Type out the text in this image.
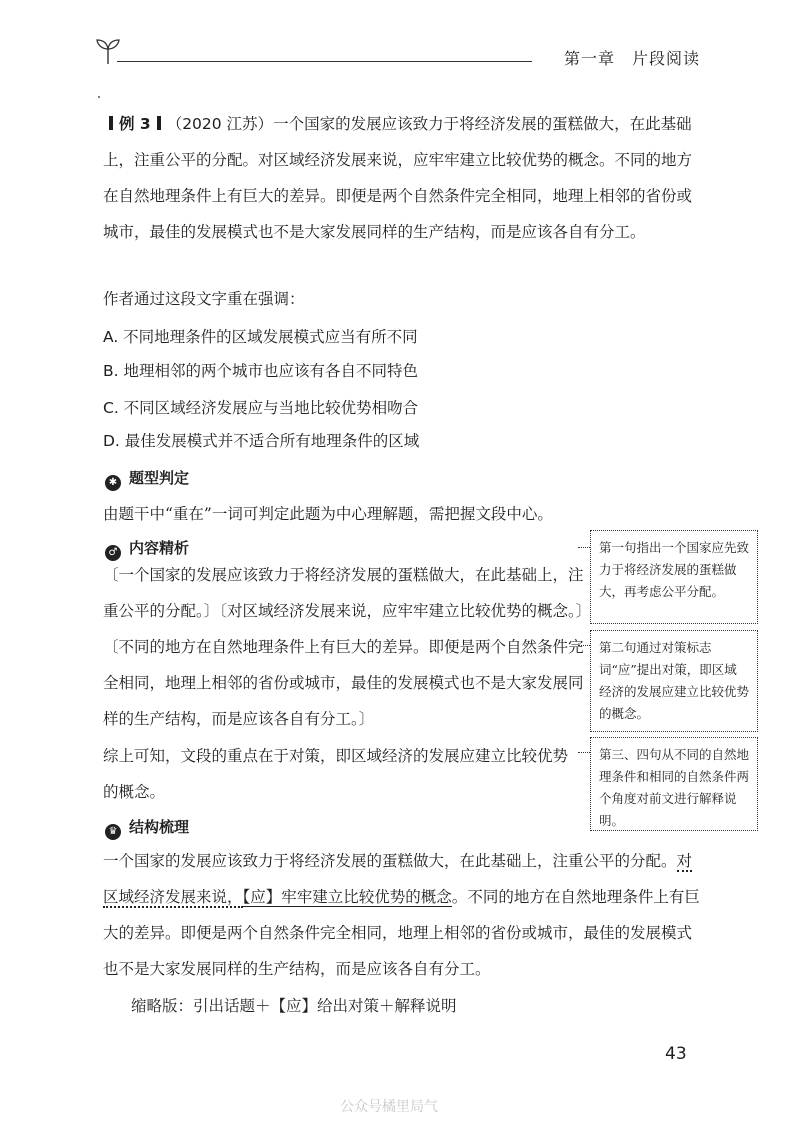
第一章　片段阅读
例 3 （2020 江苏）一个国家的发展应该致力于将经济发展的蛋糕做大，在此基础上，注重公平的分配。对区域经济发展来说，应牢牢建立比较优势的概念。不同的地方在自然地理条件上有巨大的差异。即便是两个自然条件完全相同，地理上相邻的省份或城市，最佳的发展模式也不是大家发展同样的生产结构，而是应该各自有分工。
作者通过这段文字重在强调：
A. 不同地理条件的区域发展模式应当有所不同
B. 地理相邻的两个城市也应该有各自不同特色
C. 不同区域经济发展应与当地比较优势相吻合
D. 最佳发展模式并不适合所有地理条件的区域
✱ 题型判定
由题干中“重在”一词可判定此题为中心理解题，需把握文段中心。
♂ 内容精析
〔一个国家的发展应该致力于将经济发展的蛋糕做大，在此基础上，注重公平的分配。〕〔对区域经济发展来说，应牢牢建立比较优势的概念。〕〔不同的地方在自然地理条件上有巨大的差异。即便是两个自然条件完全相同，地理上相邻的省份或城市，最佳的发展模式也不是大家发展同样的生产结构，而是应该各自有分工。〕
综上可知，文段的重点在于对策，即区域经济的发展应建立比较优势的概念。
第一句指出一个国家应先致力于将经济发展的蛋糕做大，再考虑公平分配。
第二句通过对策标志词“应”提出对策，即区域经济的发展应建立比较优势的概念。
第三、四句从不同的自然地理条件和相同的自然条件两个角度对前文进行解释说明。
♛ 结构梳理
一个国家的发展应该致力于将经济发展的蛋糕做大，在此基础上，注重公平的分配。对区域经济发展来说，【应】牢牢建立比较优势的概念。不同的地方在自然地理条件上有巨大的差异。即便是两个自然条件完全相同，地理上相邻的省份或城市，最佳的发展模式也不是大家发展同样的生产结构，而是应该各自有分工。
缩略版：引出话题＋【应】给出对策＋解释说明
43
公众号橘里局气
